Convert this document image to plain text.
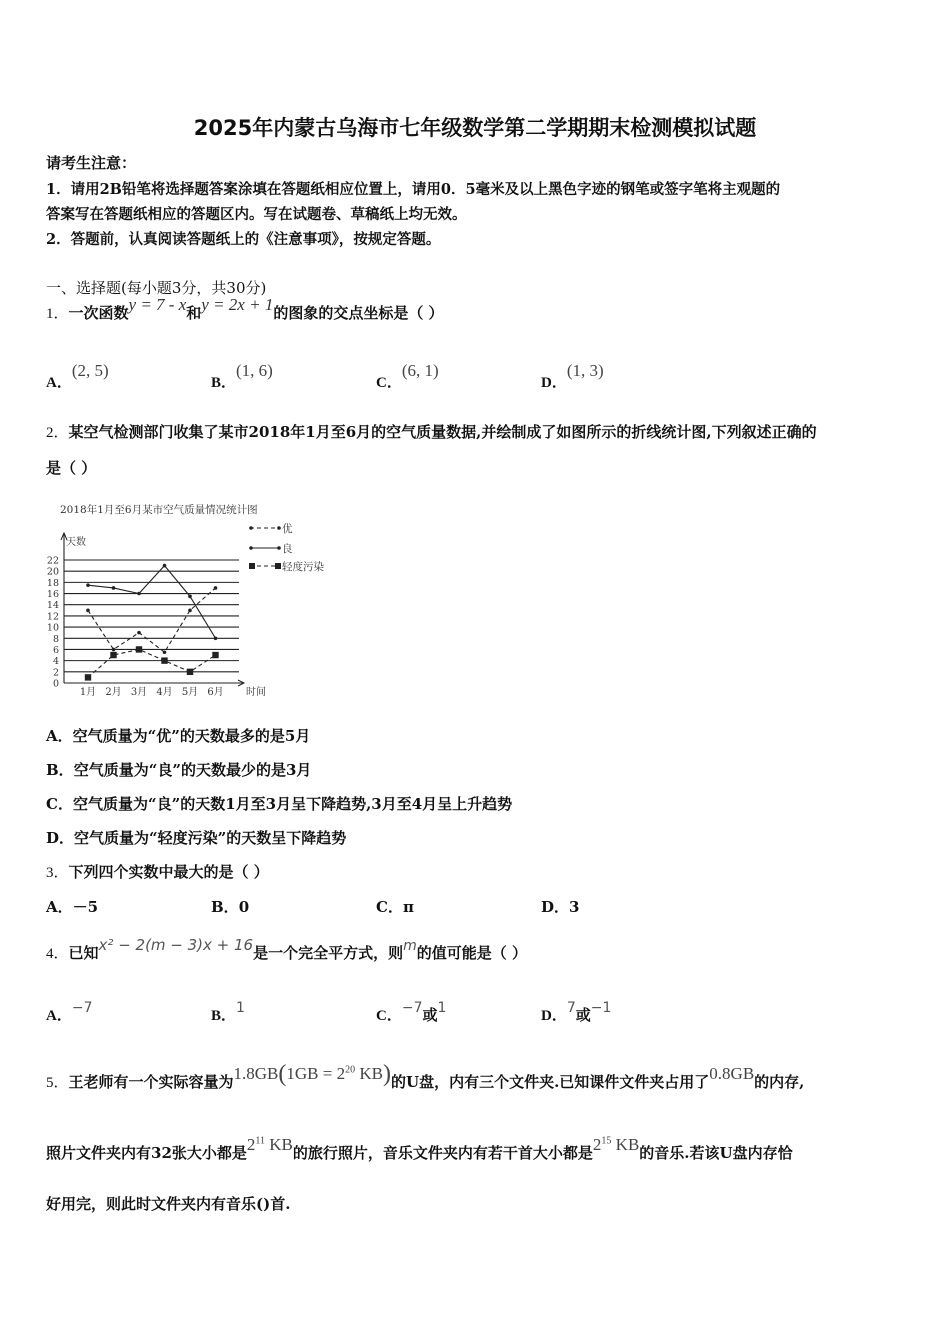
2025年内蒙古乌海市七年级数学第二学期期末检测模拟试题
请考生注意：
1．请用2B铅笔将选择题答案涂填在答题纸相应位置上，请用0．5毫米及以上黑色字迹的钢笔或签字笔将主观题的
答案写在答题纸相应的答题区内。写在试题卷、草稿纸上均无效。
2．答题前，认真阅读答题纸上的《注意事项》，按规定答题。
一、选择题(每小题3分，共30分)
1．一次函数y = 7 - x和y = 2x + 1的图象的交点坐标是（ ）
A．(2, 5)
B．(1, 6)
C．(6, 1)
D．(1, 3)
2．某空气检测部门收集了某市2018年1月至6月的空气质量数据,并绘制成了如图所示的折线统计图,下列叙述正确的
是（ ）
2018年1月至6月某市空气质量情况统计图
天数
时间
0
2
4
6
8
10
12
14
16
18
20
22
1月 2月 3月 4月 5月 6月
优
良
轻度污染
A．空气质量为“优”的天数最多的是5月
B．空气质量为“良”的天数最少的是3月
C．空气质量为“良”的天数1月至3月呈下降趋势,3月至4月呈上升趋势
D．空气质量为“轻度污染”的天数呈下降趋势
3．下列四个实数中最大的是（ ）
A．－5	B．0	C．π	D．3
4．已知x² − 2(m − 3)x + 16是一个完全平方式，则m的值可能是（ ）
A．−7	B．1	C．−7或1	D．7或−1
5．王老师有一个实际容量为$1.8GB(1GB = 2^{20}$ KB)的U盘，内有三个文件夹.已知课件文件夹占用了0.8GB的内存,
照片文件夹内有32张大小都是$2^{11}$ KB的旅行照片，音乐文件夹内有若干首大小都是$2^{15}$ KB的音乐.若该U盘内存恰
好用完，则此时文件夹内有音乐()首.
